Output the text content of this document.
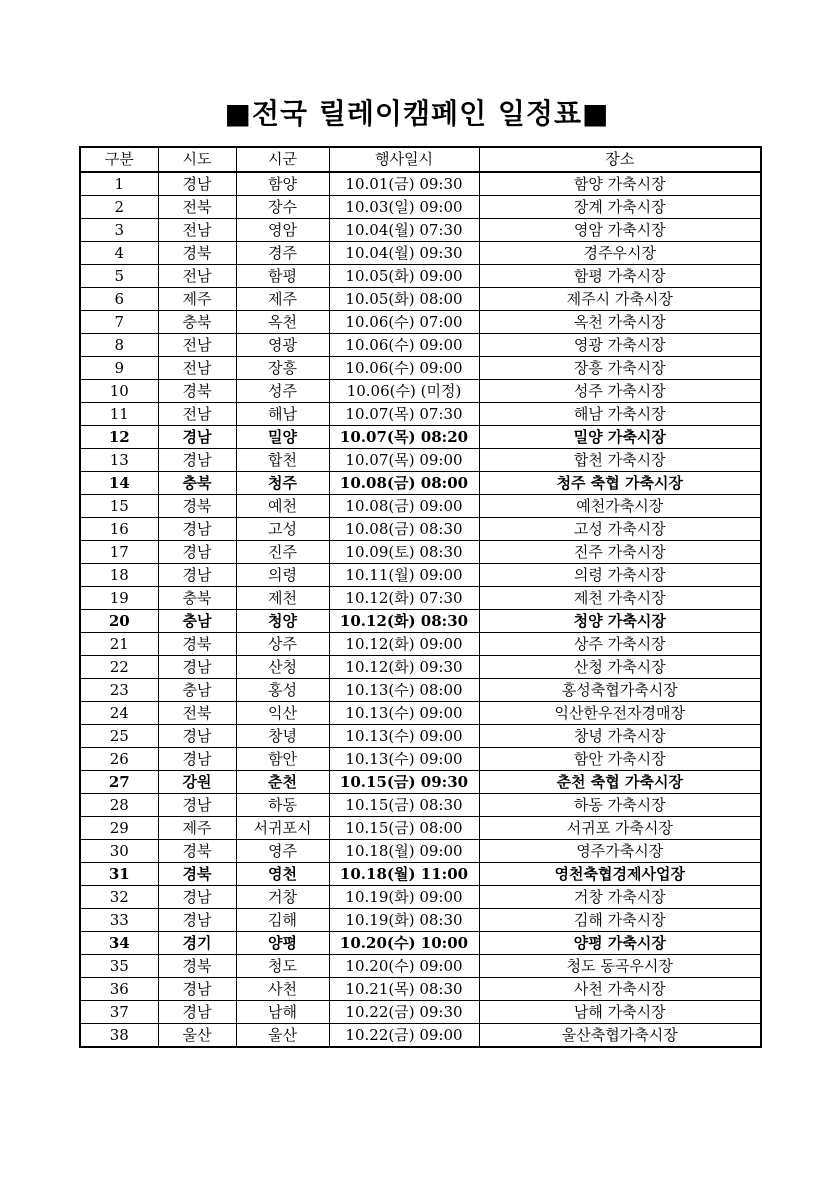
■전국 릴레이캠페인 일정표■
구분	시도	시군	행사일시	장소
1	경남	함양	10.01(금) 09:30	함양 가축시장
2	전북	장수	10.03(일) 09:00	장계 가축시장
3	전남	영암	10.04(월) 07:30	영암 가축시장
4	경북	경주	10.04(월) 09:30	경주우시장
5	전남	함평	10.05(화) 09:00	함평 가축시장
6	제주	제주	10.05(화) 08:00	제주시 가축시장
7	충북	옥천	10.06(수) 07:00	옥천 가축시장
8	전남	영광	10.06(수) 09:00	영광 가축시장
9	전남	장흥	10.06(수) 09:00	장흥 가축시장
10	경북	성주	10.06(수) (미정)	성주 가축시장
11	전남	해남	10.07(목) 07:30	해남 가축시장
12	경남	밀양	10.07(목) 08:20	밀양 가축시장
13	경남	합천	10.07(목) 09:00	합천 가축시장
14	충북	청주	10.08(금) 08:00	청주 축협 가축시장
15	경북	예천	10.08(금) 09:00	예천가축시장
16	경남	고성	10.08(금) 08:30	고성 가축시장
17	경남	진주	10.09(토) 08:30	진주 가축시장
18	경남	의령	10.11(월) 09:00	의령 가축시장
19	충북	제천	10.12(화) 07:30	제천 가축시장
20	충남	청양	10.12(화) 08:30	청양 가축시장
21	경북	상주	10.12(화) 09:00	상주 가축시장
22	경남	산청	10.12(화) 09:30	산청 가축시장
23	충남	홍성	10.13(수) 08:00	홍성축협가축시장
24	전북	익산	10.13(수) 09:00	익산한우전자경매장
25	경남	창녕	10.13(수) 09:00	창녕 가축시장
26	경남	함안	10.13(수) 09:00	함안 가축시장
27	강원	춘천	10.15(금) 09:30	춘천 축협 가축시장
28	경남	하동	10.15(금) 08:30	하동 가축시장
29	제주	서귀포시	10.15(금) 08:00	서귀포 가축시장
30	경북	영주	10.18(월) 09:00	영주가축시장
31	경북	영천	10.18(월) 11:00	영천축협경제사업장
32	경남	거창	10.19(화) 09:00	거창 가축시장
33	경남	김해	10.19(화) 08:30	김해 가축시장
34	경기	양평	10.20(수) 10:00	양평 가축시장
35	경북	청도	10.20(수) 09:00	청도 동곡우시장
36	경남	사천	10.21(목) 08:30	사천 가축시장
37	경남	남해	10.22(금) 09:30	남해 가축시장
38	울산	울산	10.22(금) 09:00	울산축협가축시장
